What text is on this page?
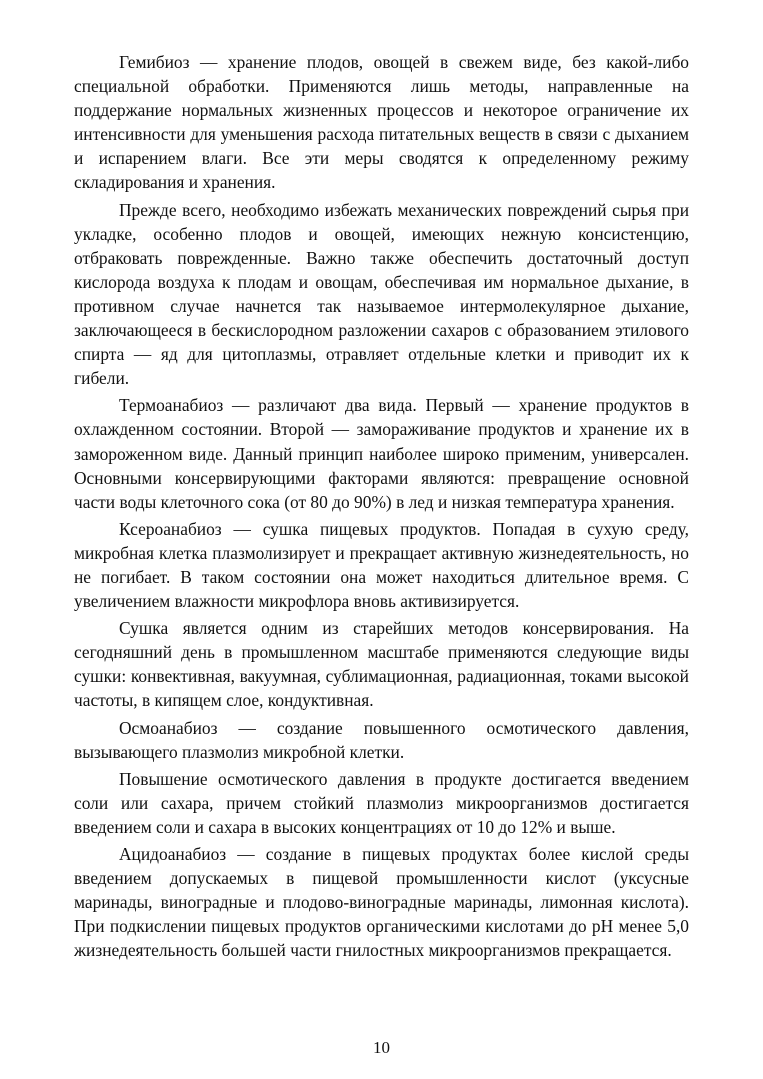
Гемибиоз — хранение плодов, овощей в свежем виде, без какой-либо специальной обработки. Применяются лишь методы, направленные на поддержание нормальных жизненных процессов и некоторое ограничение их интенсивности для уменьшения расхода питательных веществ в связи с дыханием и испарением влаги. Все эти меры сводятся к определенному режиму складирования и хранения.

Прежде всего, необходимо избежать механических повреждений сырья при укладке, особенно плодов и овощей, имеющих нежную консистенцию, отбраковать поврежденные. Важно также обеспечить достаточный доступ кислорода воздуха к плодам и овощам, обеспечивая им нормальное дыхание, в противном случае начнется так называемое интермолекулярное дыхание, заключающееся в бескислородном разложении сахаров с образованием этилового спирта — яд для цитоплазмы, отравляет отдельные клетки и приводит их к гибели.

Термоанабиоз — различают два вида. Первый — хранение продуктов в охлажденном состоянии. Второй — замораживание продуктов и хранение их в замороженном виде. Данный принцип наиболее широко применим, универсален. Основными консервирующими факторами являются: превращение основной части воды клеточного сока (от 80 до 90%) в лед и низкая температура хранения.

Ксероанабиоз — сушка пищевых продуктов. Попадая в сухую среду, микробная клетка плазмолизирует и прекращает активную жизнедеятельность, но не погибает. В таком состоянии она может находиться длительное время. С увеличением влажности микрофлора вновь активизируется.

Сушка является одним из старейших методов консервирования. На сегодняшний день в промышленном масштабе применяются следующие виды сушки: конвективная, вакуумная, сублимационная, радиационная, токами высокой частоты, в кипящем слое, кондуктивная.

Осмоанабиоз — создание повышенного осмотического давления, вызывающего плазмолиз микробной клетки.

Повышение осмотического давления в продукте достигается введением соли или сахара, причем стойкий плазмолиз микроорганизмов достигается введением соли и сахара в высоких концентрациях от 10 до 12% и выше.

Ацидоанабиоз — создание в пищевых продуктах более кислой среды введением допускаемых в пищевой промышленности кислот (уксусные маринады, виноградные и плодово-виноградные маринады, лимонная кислота). При подкислении пищевых продуктов органическими кислотами до pH менее 5,0 жизнедеятельность большей части гнилостных микроорганизмов прекращается.

10
